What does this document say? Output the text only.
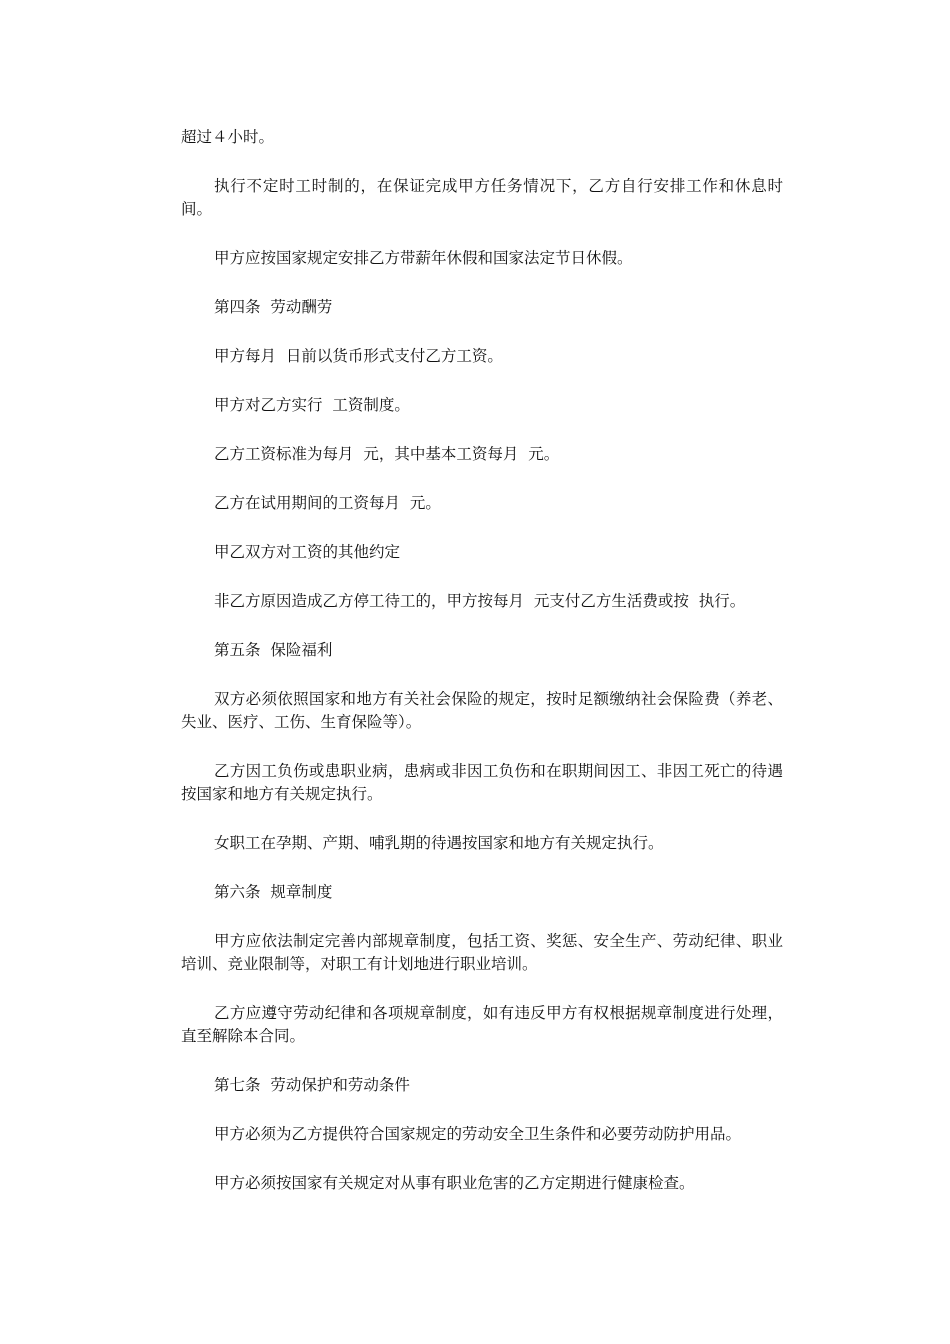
超过４小时。

执行不定时工时制的，在保证完成甲方任务情况下，乙方自行安排工作和休息时间。

甲方应按国家规定安排乙方带薪年休假和国家法定节日休假。

第四条  劳动酬劳

甲方每月  日前以货币形式支付乙方工资。

甲方对乙方实行  工资制度。

乙方工资标准为每月  元，其中基本工资每月  元。

乙方在试用期间的工资每月  元。

甲乙双方对工资的其他约定

非乙方原因造成乙方停工待工的，甲方按每月  元支付乙方生活费或按  执行。

第五条  保险福利

双方必须依照国家和地方有关社会保险的规定，按时足额缴纳社会保险费（养老、失业、医疗、工伤、生育保险等）。

乙方因工负伤或患职业病，患病或非因工负伤和在职期间因工、非因工死亡的待遇按国家和地方有关规定执行。

女职工在孕期、产期、哺乳期的待遇按国家和地方有关规定执行。

第六条  规章制度

甲方应依法制定完善内部规章制度，包括工资、奖惩、安全生产、劳动纪律、职业培训、竞业限制等，对职工有计划地进行职业培训。

乙方应遵守劳动纪律和各项规章制度，如有违反甲方有权根据规章制度进行处理，直至解除本合同。

第七条  劳动保护和劳动条件

甲方必须为乙方提供符合国家规定的劳动安全卫生条件和必要劳动防护用品。

甲方必须按国家有关规定对从事有职业危害的乙方定期进行健康检查。
